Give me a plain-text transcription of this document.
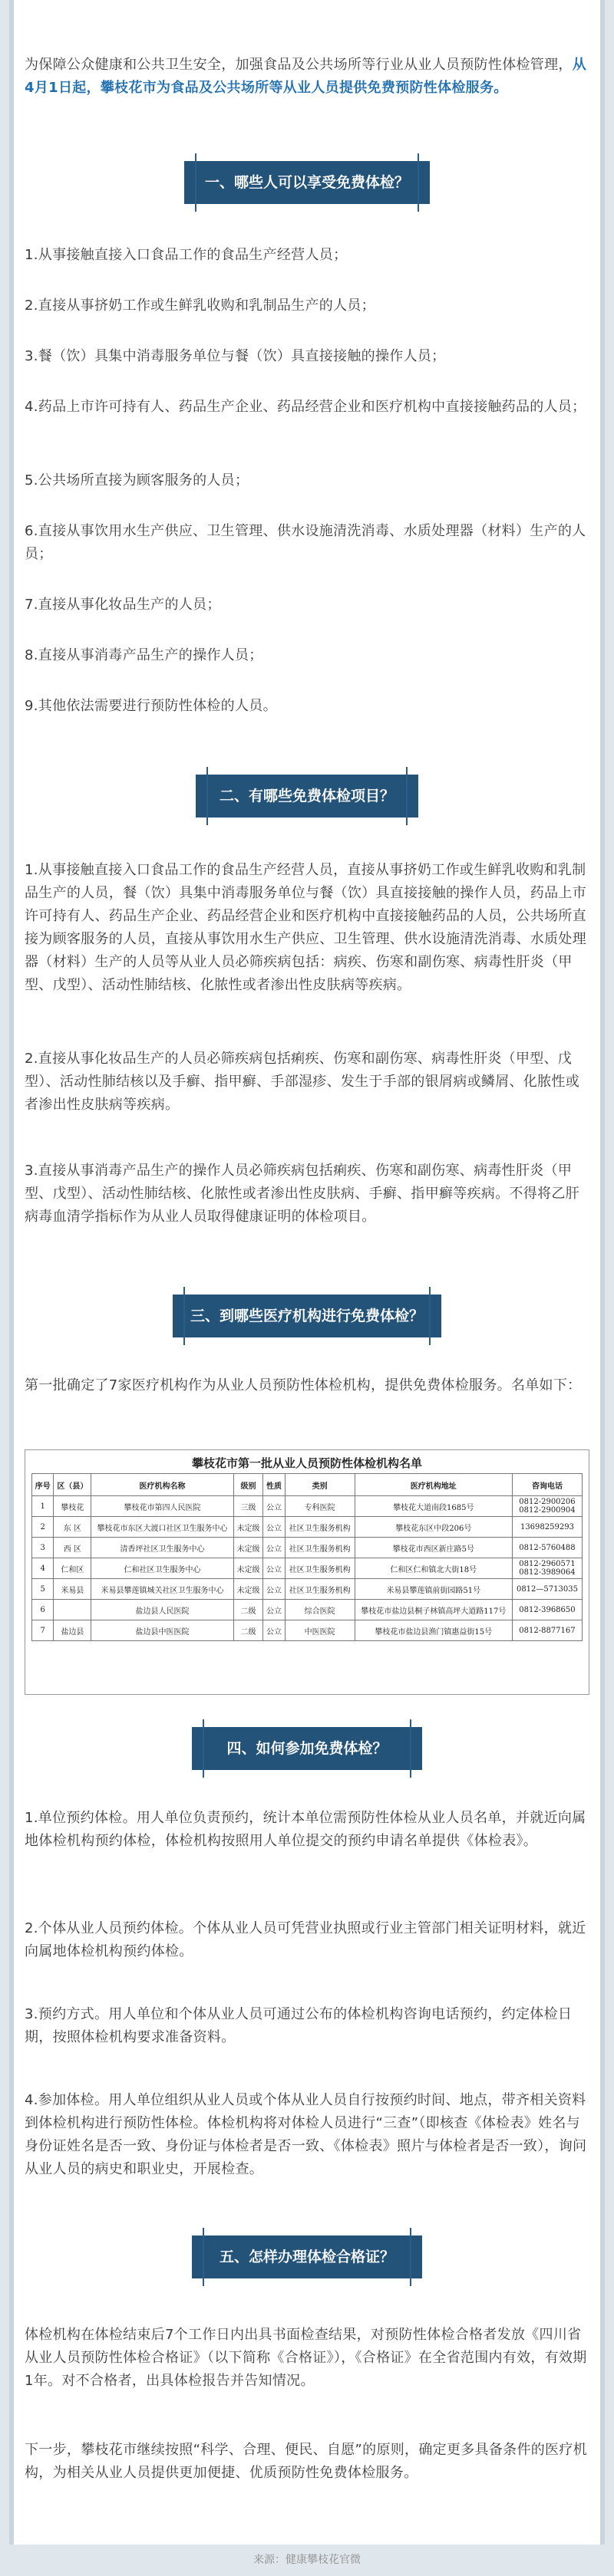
为保障公众健康和公共卫生安全，加强食品及公共场所等行业从业人员预防性体检管理，从4月1日起，攀枝花市为食品及公共场所等从业人员提供免费预防性体检服务。
一、哪些人可以享受免费体检？
1.从事接触直接入口食品工作的食品生产经营人员；
2.直接从事挤奶工作或生鲜乳收购和乳制品生产的人员；
3.餐（饮）具集中消毒服务单位与餐（饮）具直接接触的操作人员；
4.药品上市许可持有人、药品生产企业、药品经营企业和医疗机构中直接接触药品的人员；
5.公共场所直接为顾客服务的人员；
6.直接从事饮用水生产供应、卫生管理、供水设施清洗消毒、水质处理器（材料）生产的人员；
7.直接从事化妆品生产的人员；
8.直接从事消毒产品生产的操作人员；
9.其他依法需要进行预防性体检的人员。
二、有哪些免费体检项目？
1.从事接触直接入口食品工作的食品生产经营人员，直接从事挤奶工作或生鲜乳收购和乳制品生产的人员，餐（饮）具集中消毒服务单位与餐（饮）具直接接触的操作人员，药品上市许可持有人、药品生产企业、药品经营企业和医疗机构中直接接触药品的人员，公共场所直接为顾客服务的人员，直接从事饮用水生产供应、卫生管理、供水设施清洗消毒、水质处理器（材料）生产的人员等从业人员必筛疾病包括：病疾、伤寒和副伤寒、病毒性肝炎（甲型、戊型）、活动性肺结核、化脓性或者渗出性皮肤病等疾病。
2.直接从事化妆品生产的人员必筛疾病包括痢疾、伤寒和副伤寒、病毒性肝炎（甲型、戊型）、活动性肺结核以及手癣、指甲癣、手部湿疹、发生于手部的银屑病或鳞屑、化脓性或者渗出性皮肤病等疾病。
3.直接从事消毒产品生产的操作人员必筛疾病包括痢疾、伤寒和副伤寒、病毒性肝炎（甲型、戊型）、活动性肺结核、化脓性或者渗出性皮肤病、手癣、指甲癣等疾病。不得将乙肝病毒血清学指标作为从业人员取得健康证明的体检项目。
三、到哪些医疗机构进行免费体检？
第一批确定了7家医疗机构作为从业人员预防性体检机构，提供免费体检服务。名单如下：
攀枝花市第一批从业人员预防性体检机构名单
序号	区（县）	医疗机构名称	级别	性质	类别	医疗机构地址	咨询电话
1	攀枝花	攀枝花市第四人民医院	三级	公立	专科医院	攀枝花大道南段1685号	0812-2900206
0812-2900904
2	东 区	攀枝花市东区大渡口社区卫生服务中心	未定级	公立	社区卫生服务机构	攀枝花东区中段206号	13698259293
3	西 区	清香坪社区卫生服务中心	未定级	公立	社区卫生服务机构	攀枝花市西区新庄路5号	0812-5760488
4	仁和区	仁和社区卫生服务中心	未定级	公立	社区卫生服务机构	仁和区仁和镇北大街18号	0812-2960571
0812-3989064
5	米易县	米易县攀莲镇城关社区卫生服务中心	未定级	公立	社区卫生服务机构	米易县攀莲镇前街园路51号	0812—5713035
6		盐边县人民医院	二级	公立	综合医院	攀枝花市盐边县桐子林镇高坪大道路117号	0812-3968650
7	盐边县	盐边县中医医院	二级	公立	中医医院	攀枝花市盐边县渔门镇惠益街15号	0812-8877167
四、如何参加免费体检？
1.单位预约体检。用人单位负责预约，统计本单位需预防性体检从业人员名单，并就近向属地体检机构预约体检，体检机构按照用人单位提交的预约申请名单提供《体检表》。
2.个体从业人员预约体检。个体从业人员可凭营业执照或行业主管部门相关证明材料，就近向属地体检机构预约体检。
3.预约方式。用人单位和个体从业人员可通过公布的体检机构咨询电话预约，约定体检日期，按照体检机构要求准备资料。
4.参加体检。用人单位组织从业人员或个体从业人员自行按预约时间、地点，带齐相关资料到体检机构进行预防性体检。体检机构将对体检人员进行“三查”（即核查《体检表》姓名与身份证姓名是否一致、身份证与体检者是否一致、《体检表》照片与体检者是否一致），询问从业人员的病史和职业史，开展检查。
五、怎样办理体检合格证？
体检机构在体检结束后7个工作日内出具书面检查结果，对预防性体检合格者发放《四川省从业人员预防性体检合格证》（以下简称《合格证》），《合格证》在全省范围内有效，有效期1年。对不合格者，出具体检报告并告知情况。
下一步，攀枝花市继续按照“科学、合理、便民、自愿”的原则，确定更多具备条件的医疗机构，为相关从业人员提供更加便捷、优质预防性免费体检服务。
来源：健康攀枝花官微
